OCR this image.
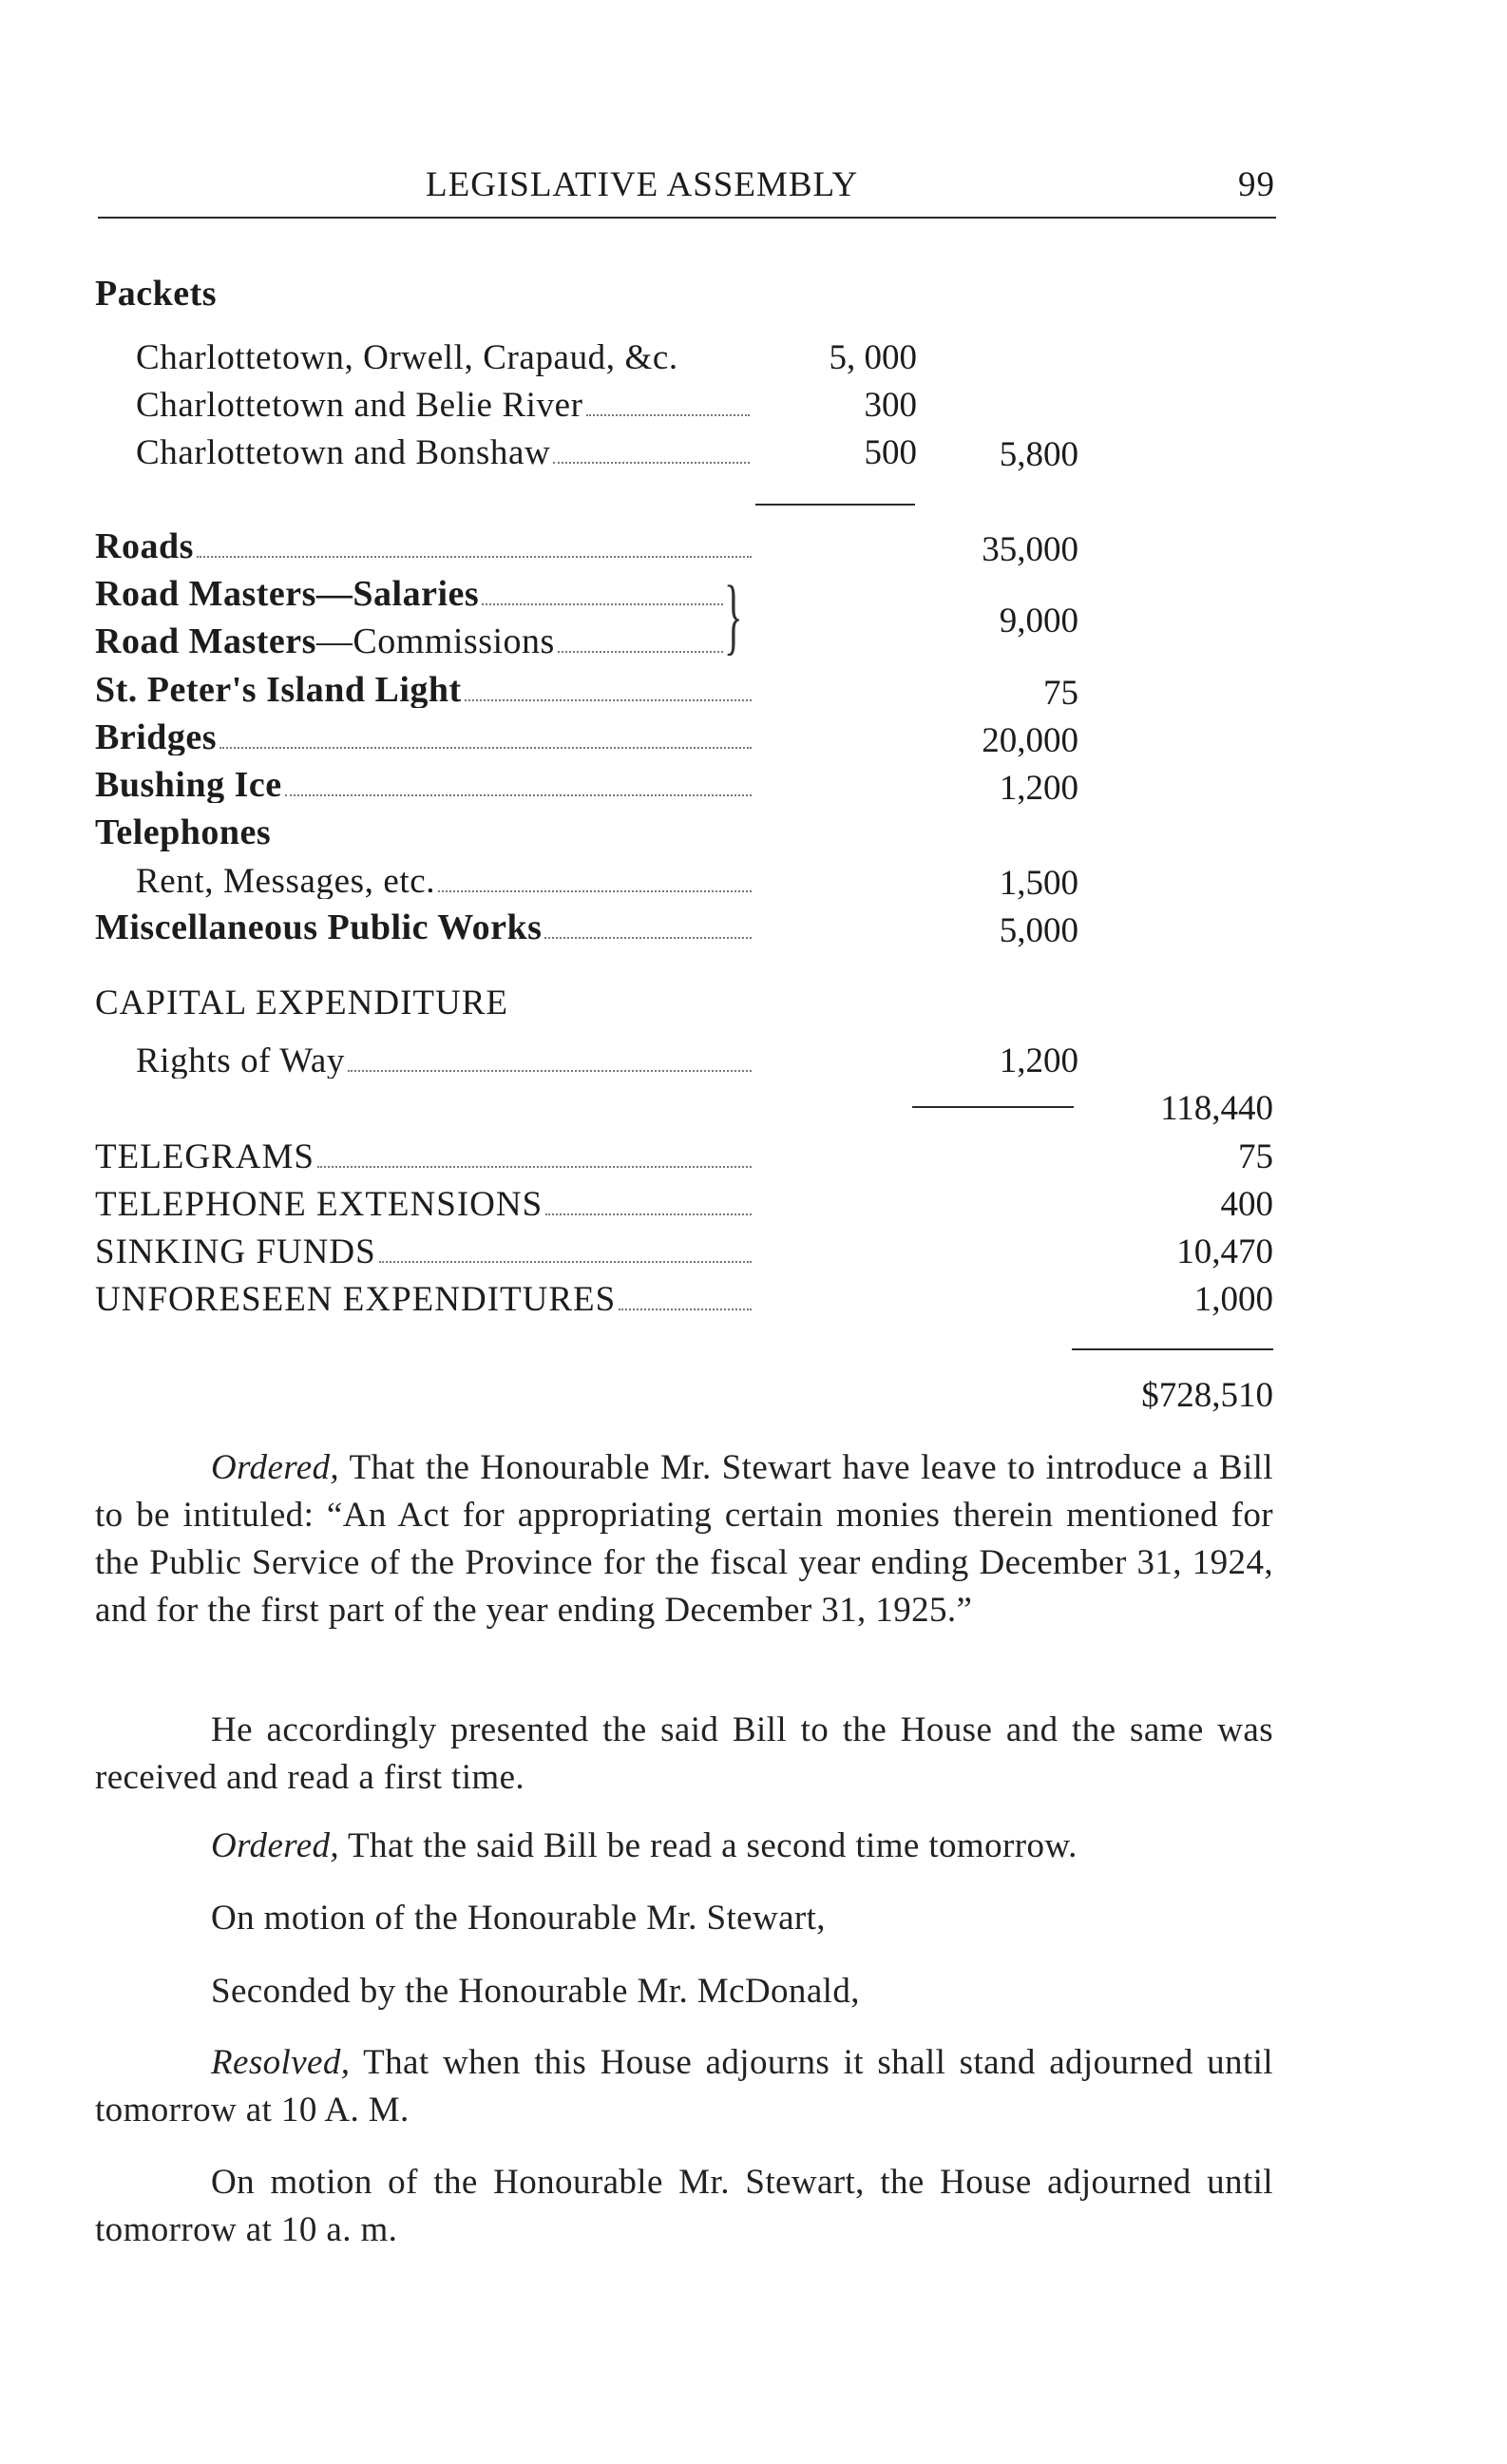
LEGISLATIVE ASSEMBLY	99
Packets
Charlottetown, Orwell, Crapaud, &c.	5, 000
Charlottetown and Belie River	300
Charlottetown and Bonshaw	500	5,800
Roads	35,000
Road Masters—Salaries
Road Masters—Commissions }	9,000
St. Peter's Island Light	75
Bridges	20,000
Bushing Ice	1,200
Telephones
Rent, Messages, etc.	1,500
Miscellaneous Public Works	5,000
CAPITAL EXPENDITURE
Rights of Way	1,200
118,440
TELEGRAMS	75
TELEPHONE EXTENSIONS	400
SINKING FUNDS	10,470
UNFORESEEN EXPENDITURES	1,000
$728,510

Ordered, That the Honourable Mr. Stewart have leave to introduce a Bill to be intituled: “An Act for appropriating certain monies therein mentioned for the Public Service of the Province for the fiscal year ending December 31, 1924, and for the first part of the year ending December 31, 1925.”

He accordingly presented the said Bill to the House and the same was received and read a first time.

Ordered, That the said Bill be read a second time tomorrow.

On motion of the Honourable Mr. Stewart,

Seconded by the Honourable Mr. McDonald,

Resolved, That when this House adjourns it shall stand adjourned until tomorrow at 10 A. M.

On motion of the Honourable Mr. Stewart, the House adjourned until tomorrow at 10 a. m.
